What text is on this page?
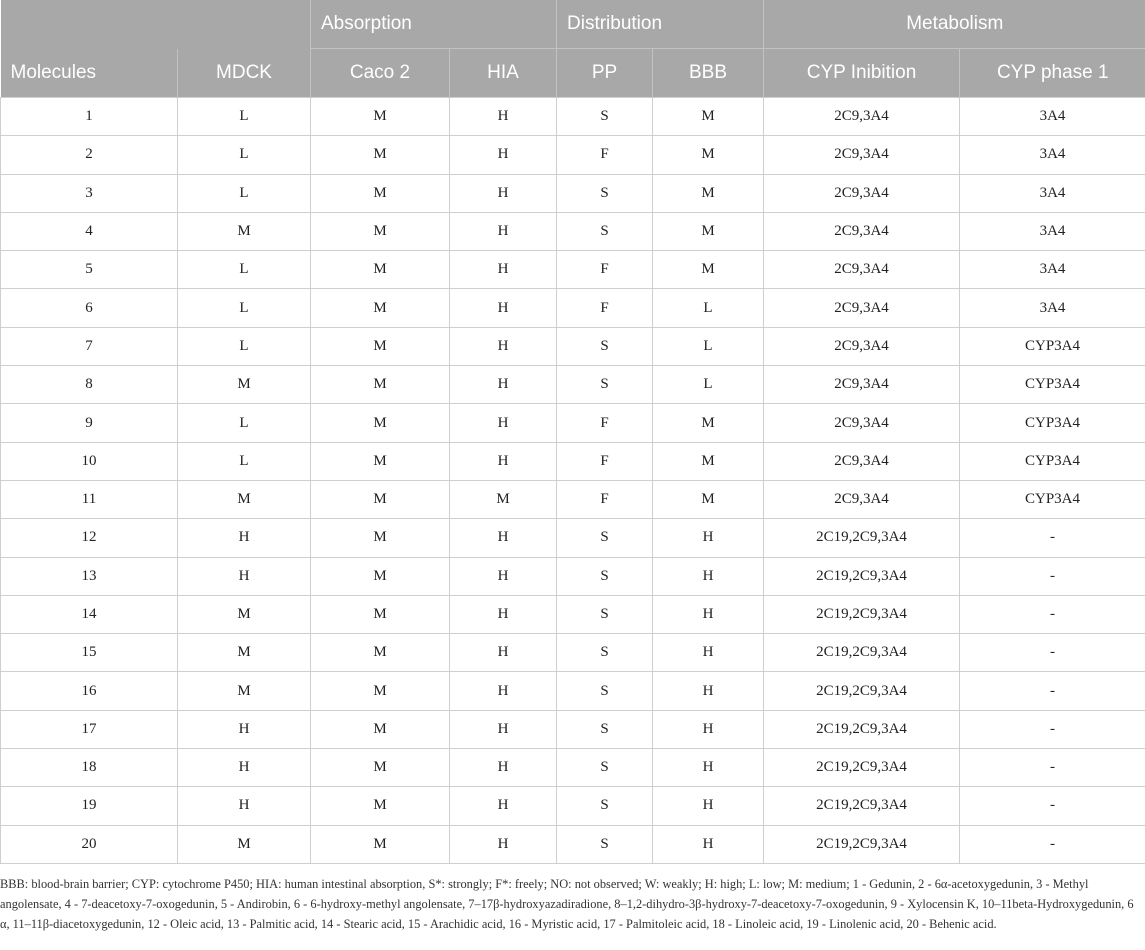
		Absorption		Distribution		Metabolism	
Molecules	MDCK	Caco 2	HIA	PP	BBB	CYP Inibition	CYP phase 1
1	L	M	H	S	M	2C9,3A4	3A4
2	L	M	H	F	M	2C9,3A4	3A4
3	L	M	H	S	M	2C9,3A4	3A4
4	M	M	H	S	M	2C9,3A4	3A4
5	L	M	H	F	M	2C9,3A4	3A4
6	L	M	H	F	L	2C9,3A4	3A4
7	L	M	H	S	L	2C9,3A4	CYP3A4
8	M	M	H	S	L	2C9,3A4	CYP3A4
9	L	M	H	F	M	2C9,3A4	CYP3A4
10	L	M	H	F	M	2C9,3A4	CYP3A4
11	M	M	M	F	M	2C9,3A4	CYP3A4
12	H	M	H	S	H	2C19,2C9,3A4	-
13	H	M	H	S	H	2C19,2C9,3A4	-
14	M	M	H	S	H	2C19,2C9,3A4	-
15	M	M	H	S	H	2C19,2C9,3A4	-
16	M	M	H	S	H	2C19,2C9,3A4	-
17	H	M	H	S	H	2C19,2C9,3A4	-
18	H	M	H	S	H	2C19,2C9,3A4	-
19	H	M	H	S	H	2C19,2C9,3A4	-
20	M	M	H	S	H	2C19,2C9,3A4	-

BBB: blood-brain barrier; CYP: cytochrome P450; HIA: human intestinal absorption, S*: strongly; F*: freely; NO: not observed; W: weakly; H: high; L: low; M: medium; 1 - Gedunin, 2 - 6α-acetoxygedunin, 3 - Methyl angolensate, 4 - 7-deacetoxy-7-oxogedunin, 5 - Andirobin, 6 - 6-hydroxy-methyl angolensate, 7–17β-hydroxyazadiradione, 8–1,2-dihydro-3β-hydroxy-7-deacetoxy-7-oxogedunin, 9 - Xylocensin K, 10–11beta-Hydroxygedunin, 6 α, 11–11β-diacetoxygedunin, 12 - Oleic acid, 13 - Palmitic acid, 14 - Stearic acid, 15 - Arachidic acid, 16 - Myristic acid, 17 - Palmitoleic acid, 18 - Linoleic acid, 19 - Linolenic acid, 20 - Behenic acid.
